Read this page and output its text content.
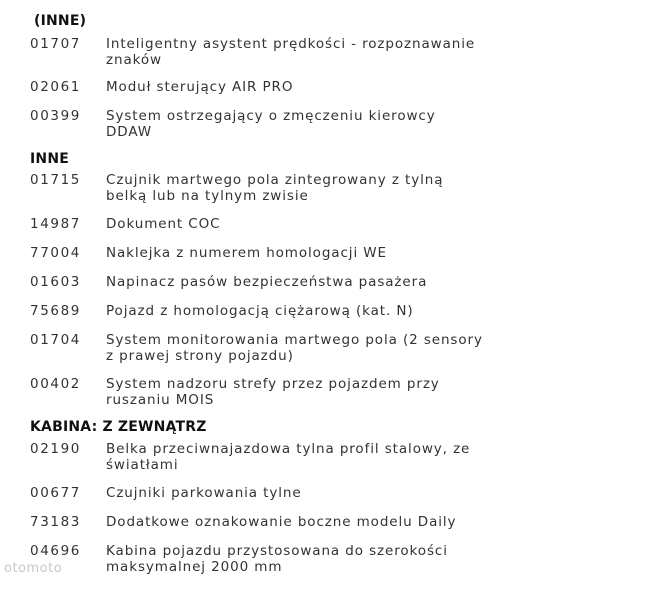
(INNE)
01707 Inteligentny asystent prędkości - rozpoznawanie znaków
02061 Moduł sterujący AIR PRO
00399 System ostrzegający o zmęczeniu kierowcy DDAW
INNE
01715 Czujnik martwego pola zintegrowany z tylną belką lub na tylnym zwisie
14987 Dokument COC
77004 Naklejka z numerem homologacji WE
01603 Napinacz pasów bezpieczeństwa pasażera
75689 Pojazd z homologacją ciężarową (kat. N)
01704 System monitorowania martwego pola (2 sensory z prawej strony pojazdu)
00402 System nadzoru strefy przez pojazdem przy ruszaniu MOIS
KABINA: Z ZEWNĄTRZ
02190 Belka przeciwnajazdowa tylna profil stalowy, ze światłami
00677 Czujniki parkowania tylne
73183 Dodatkowe oznakowanie boczne modelu Daily
04696 Kabina pojazdu przystosowana do szerokości maksymalnej 2000 mm
otomoto
